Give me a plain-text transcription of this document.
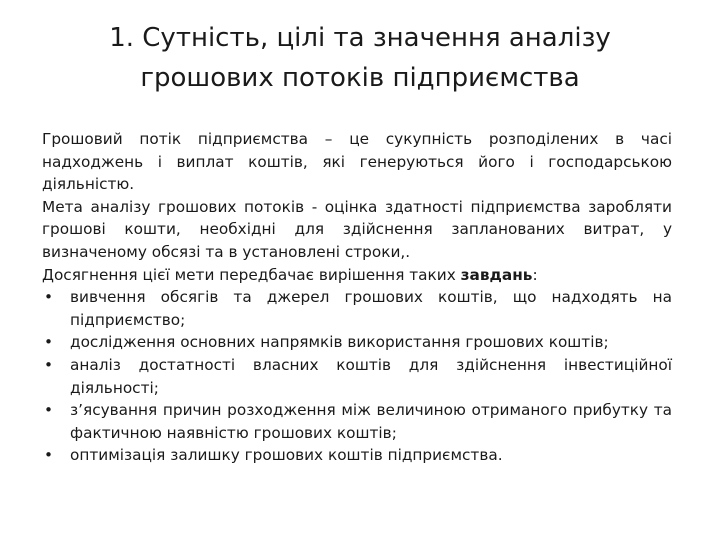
1. Сутність, цілі та значення аналізу
грошових потоків підприємства

Грошовий потік підприємства – це сукупність розподілених в часі надходжень і виплат коштів, які генеруються його і господарською діяльністю.

Мета аналізу грошових потоків - оцінка здатності підприємства заробляти грошові кошти, необхідні для здійснення запланованих витрат, у визначеному обсязі та в установлені строки,.

Досягнення цієї мети передбачає вирішення таких завдань:

• вивчення обсягів та джерел грошових коштів, що надходять на підприємство;
• дослідження основних напрямків використання грошових коштів;
• аналіз достатності власних коштів для здійснення інвестиційної діяльності;
• з’ясування причин розходження між величиною отриманого прибутку та фактичною наявністю грошових коштів;
• оптимізація залишку грошових коштів підприємства.
